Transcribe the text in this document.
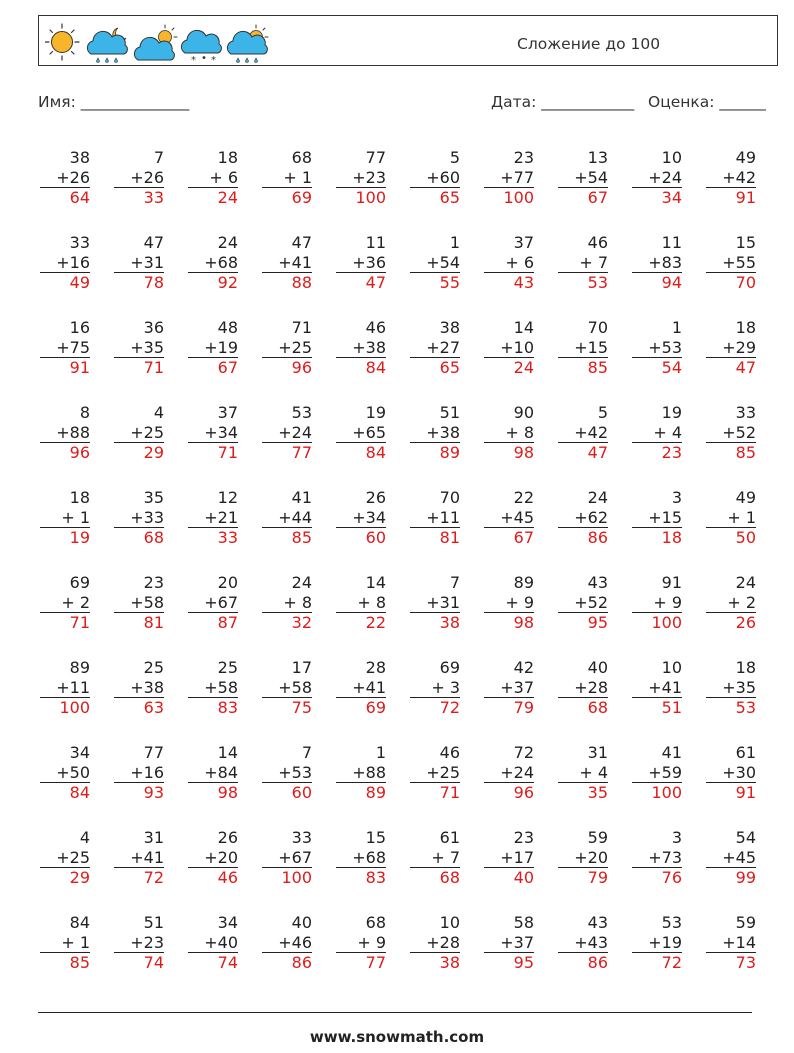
* • *
Сложение до 100
Имя: ______________	Дата: ____________ Оценка: ______
38
+26
64
7
+26
33
18
+ 6
24
68
+ 1
69
77
+23
100
5
+60
65
23
+77
100
13
+54
67
10
+24
34
49
+42
91
33
+16
49
47
+31
78
24
+68
92
47
+41
88
11
+36
47
1
+54
55
37
+ 6
43
46
+ 7
53
11
+83
94
15
+55
70
16
+75
91
36
+35
71
48
+19
67
71
+25
96
46
+38
84
38
+27
65
14
+10
24
70
+15
85
1
+53
54
18
+29
47
8
+88
96
4
+25
29
37
+34
71
53
+24
77
19
+65
84
51
+38
89
90
+ 8
98
5
+42
47
19
+ 4
23
33
+52
85
18
+ 1
19
35
+33
68
12
+21
33
41
+44
85
26
+34
60
70
+11
81
22
+45
67
24
+62
86
3
+15
18
49
+ 1
50
69
+ 2
71
23
+58
81
20
+67
87
24
+ 8
32
14
+ 8
22
7
+31
38
89
+ 9
98
43
+52
95
91
+ 9
100
24
+ 2
26
89
+11
100
25
+38
63
25
+58
83
17
+58
75
28
+41
69
69
+ 3
72
42
+37
79
40
+28
68
10
+41
51
18
+35
53
34
+50
84
77
+16
93
14
+84
98
7
+53
60
1
+88
89
46
+25
71
72
+24
96
31
+ 4
35
41
+59
100
61
+30
91
4
+25
29
31
+41
72
26
+20
46
33
+67
100
15
+68
83
61
+ 7
68
23
+17
40
59
+20
79
3
+73
76
54
+45
99
84
+ 1
85
51
+23
74
34
+40
74
40
+46
86
68
+ 9
77
10
+28
38
58
+37
95
43
+43
86
53
+19
72
59
+14
73
www.snowmath.com
